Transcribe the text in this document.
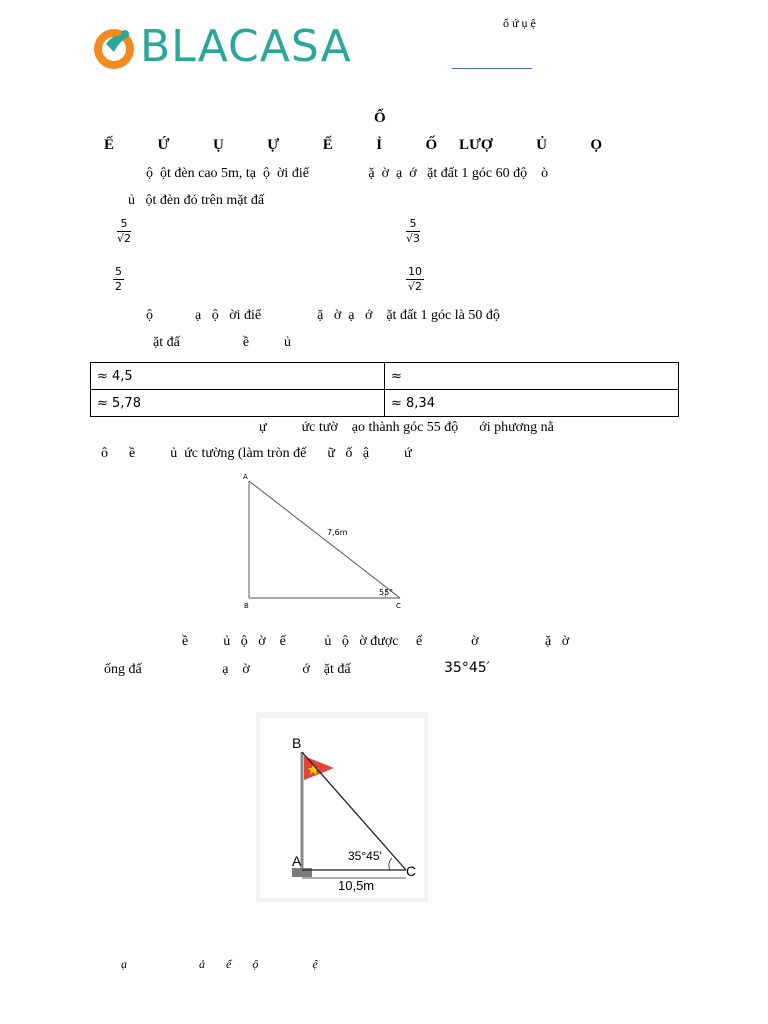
BLACASA	ổ ứ ụ ệ
Ổ
Ế  Ứ  Ụ  Ự  Ế  Ỉ  Ố LƯỢ  Ủ  Ọ
ộ  ột đèn cao 5m, tạ  ộ  ời điể                 ặ  ờ  ạ  ớ   ặt đất 1 góc 60 độ    ò
ủ   ột đèn đó trên mặt đấ
5
√2
5
√3
5
2
10
√2
ộ            ạ   ộ   ời điể                ặ   ờ  ạ   ớ    ặt đất 1 góc là 50 độ
ặt đấ                  ề          ủ
≈ 4,5	≈
≈ 5,78	≈ 8,34
ự          ức tườ    ạo thành góc 55 độ      ới phương nằ
ô      ề          ủ  ức tường (làm tròn đế      ữ   ố   ậ          ứ
A
B	C
7,6m
55°
ề          ủ   ộ   ờ    ế           ủ   ộ   ờ được     ế              ờ                   ặ   ờ
ống đấ                       ạ    ờ               ớ    ặt đấ	35°45′
B
A
C
35°45'
10,5m
ạ                        ả       ể       ộ                  ệ
